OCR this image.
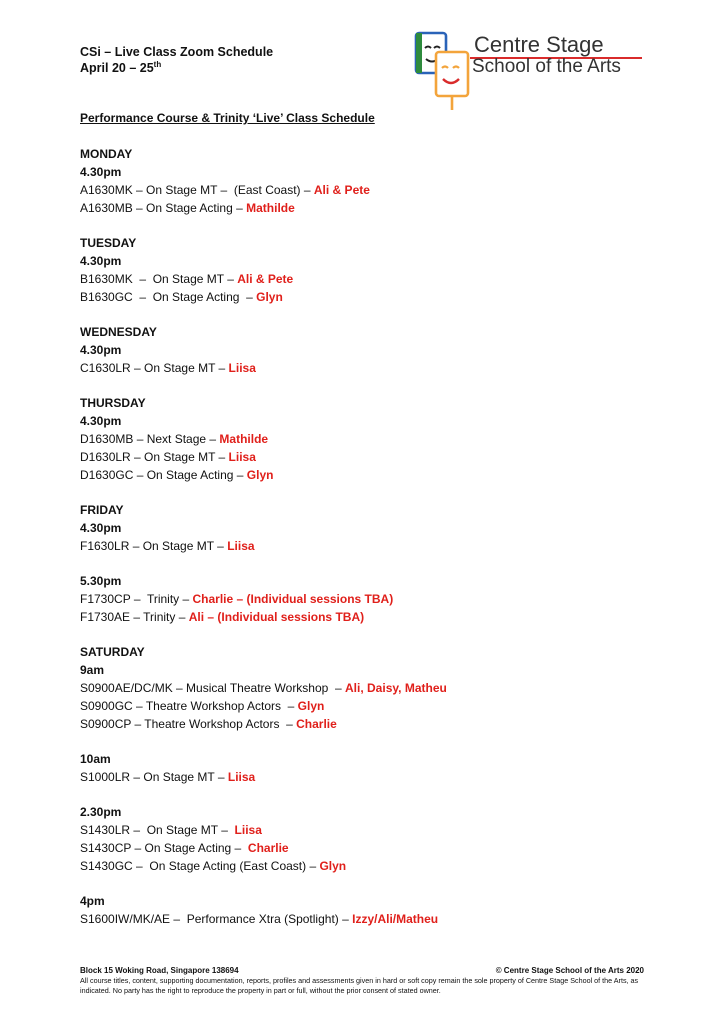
CSi – Live Class Zoom Schedule
April 20 – 25th
Centre Stage
School of the Arts
Performance Course & Trinity ‘Live’ Class Schedule
MONDAY
4.30pm
A1630MK – On Stage MT –  (East Coast) – Ali & Pete
A1630MB – On Stage Acting – Mathilde
TUESDAY
4.30pm
B1630MK  –  On Stage MT – Ali & Pete
B1630GC  –  On Stage Acting  – Glyn
WEDNESDAY
4.30pm
C1630LR – On Stage MT – Liisa
THURSDAY
4.30pm
D1630MB – Next Stage – Mathilde
D1630LR – On Stage MT – Liisa
D1630GC – On Stage Acting – Glyn
FRIDAY
4.30pm
F1630LR – On Stage MT – Liisa
5.30pm
F1730CP –  Trinity – Charlie – (Individual sessions TBA)
F1730AE – Trinity – Ali – (Individual sessions TBA)
SATURDAY
9am
S0900AE/DC/MK – Musical Theatre Workshop  – Ali, Daisy, Matheu
S0900GC – Theatre Workshop Actors  – Glyn
S0900CP – Theatre Workshop Actors  – Charlie
10am
S1000LR – On Stage MT – Liisa
2.30pm
S1430LR –  On Stage MT –  Liisa
S1430CP – On Stage Acting –  Charlie
S1430GC –  On Stage Acting (East Coast) – Glyn
4pm
S1600IW/MK/AE –  Performance Xtra (Spotlight) – Izzy/Ali/Matheu
Block 15 Woking Road, Singapore 138694	© Centre Stage School of the Arts 2020
All course titles, content, supporting documentation, reports, profiles and assessments given in hard or soft copy remain the sole property of Centre Stage School of the Arts, as indicated. No party has the right to reproduce the property in part or full, without the prior consent of stated owner.
